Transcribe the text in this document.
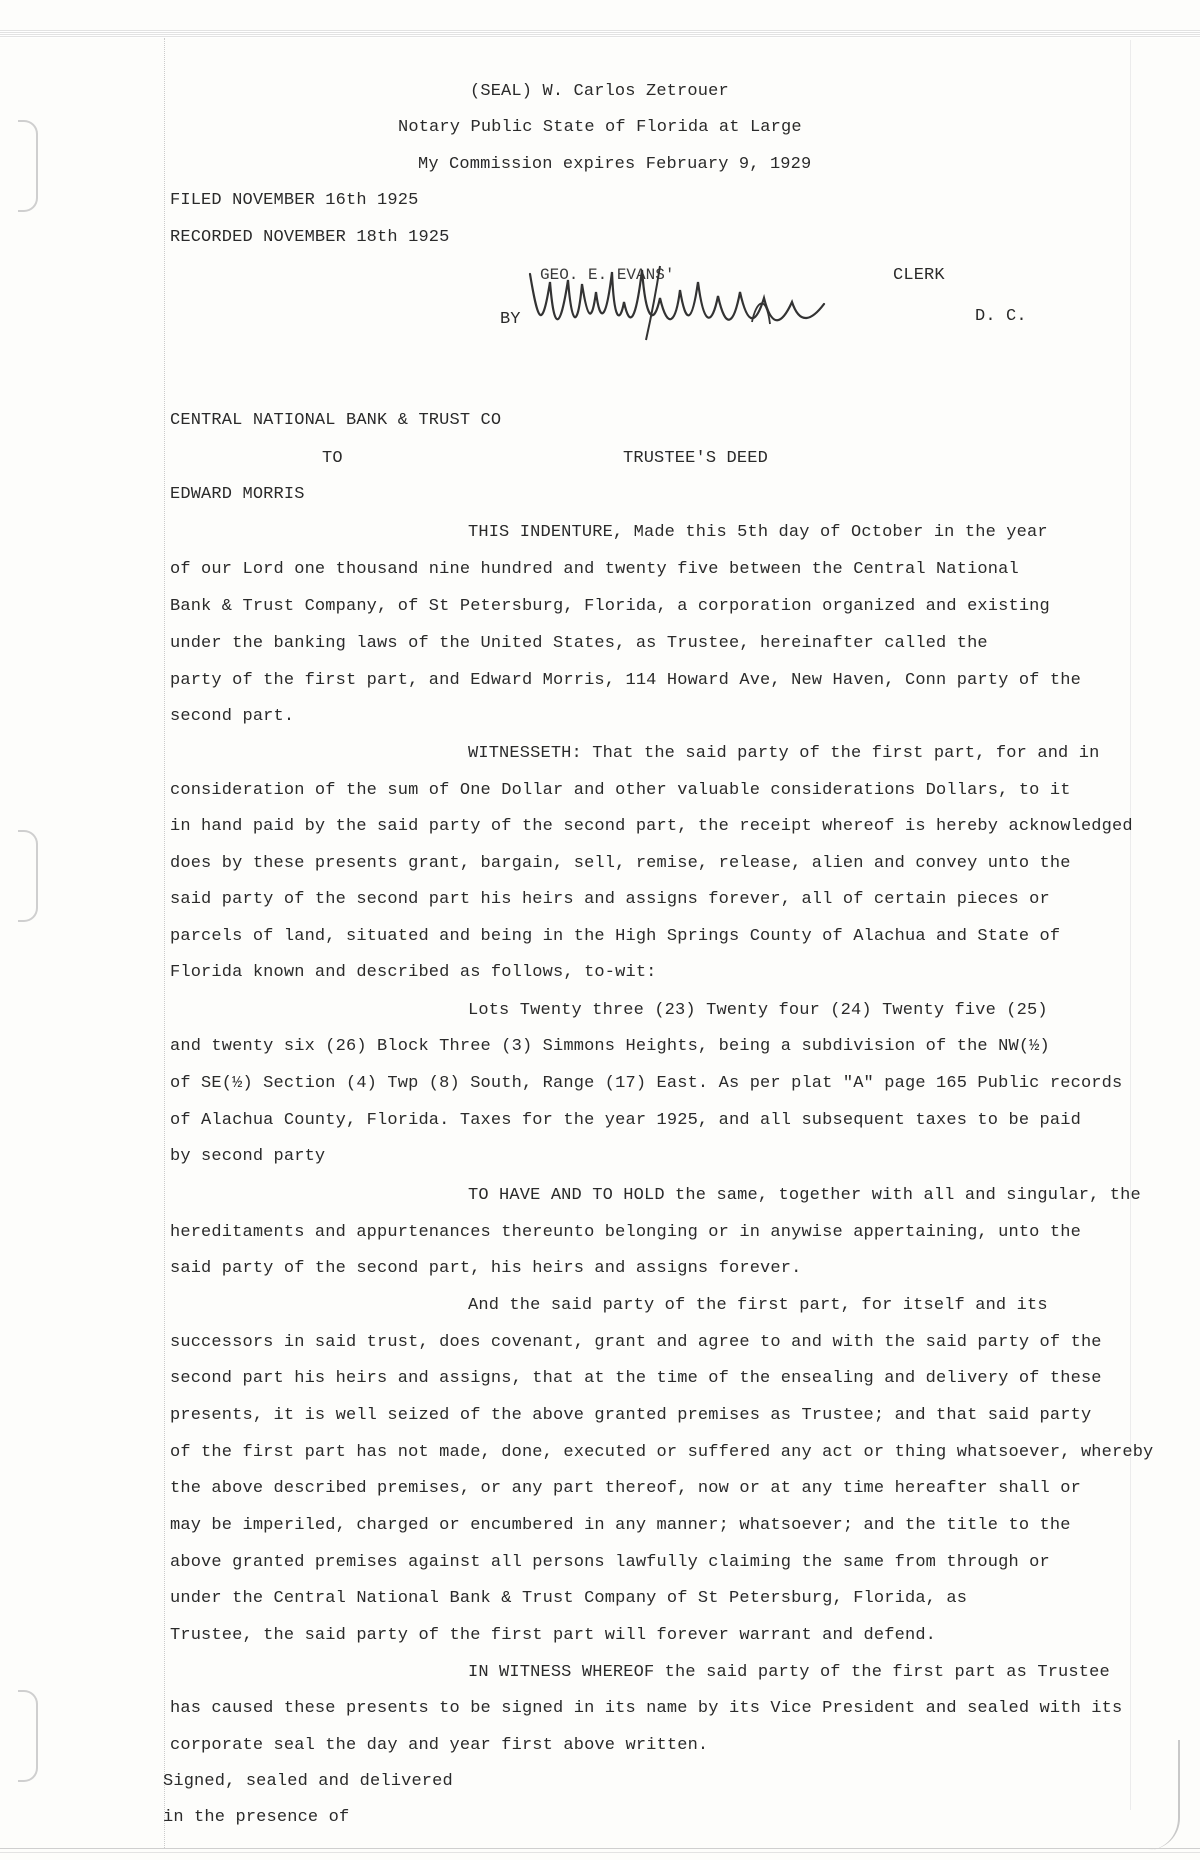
(SEAL) W. Carlos Zetrouer
Notary Public State of Florida at Large
My Commission expires February 9, 1929
FILED NOVEMBER 16th 1925
RECORDED NOVEMBER 18th 1925
GEO. E. EVANS'	CLERK
BY	D. C.
CENTRAL NATIONAL BANK & TRUST CO
TO	TRUSTEE'S DEED
EDWARD MORRIS
THIS INDENTURE, Made this 5th day of October in the year
of our Lord one thousand nine hundred and twenty five between the Central National
Bank & Trust Company, of St Petersburg, Florida, a corporation organized and existing
under the banking laws of the United States, as Trustee, hereinafter called the
party of the first part, and Edward Morris, 114 Howard Ave, New Haven, Conn party of the
second part.
WITNESSETH: That the said party of the first part, for and in
consideration of the sum of One Dollar and other valuable considerations Dollars, to it
in hand paid by the said party of the second part, the receipt whereof is hereby acknowledged
does by these presents grant, bargain, sell, remise, release, alien and convey unto the
said party of the second part his heirs and assigns forever, all of certain pieces or
parcels of land, situated and being in the High Springs County of Alachua and State of
Florida known and described as follows, to-wit:
Lots Twenty three (23) Twenty four (24) Twenty five (25)
and twenty six (26) Block Three (3) Simmons Heights, being a subdivision of the NW(½)
of SE(½) Section (4) Twp (8) South, Range (17) East. As per plat "A" page 165 Public records
of Alachua County, Florida. Taxes for the year 1925, and all subsequent taxes to be paid
by second party
TO HAVE AND TO HOLD the same, together with all and singular, the
hereditaments and appurtenances thereunto belonging or in anywise appertaining, unto the
said party of the second part, his heirs and assigns forever.
And the said party of the first part, for itself and its
successors in said trust, does covenant, grant and agree to and with the said party of the
second part his heirs and assigns, that at the time of the ensealing and delivery of these
presents, it is well seized of the above granted premises as Trustee; and that said party
of the first part has not made, done, executed or suffered any act or thing whatsoever, whereby
the above described premises, or any part thereof, now or at any time hereafter shall or
may be imperiled, charged or encumbered in any manner; whatsoever; and the title to the
above granted premises against all persons lawfully claiming the same from through or
under the Central National Bank & Trust Company of St Petersburg, Florida, as
Trustee, the said party of the first part will forever warrant and defend.
IN WITNESS WHEREOF the said party of the first part as Trustee
has caused these presents to be signed in its name by its Vice President and sealed with its
corporate seal the day and year first above written.
Signed, sealed and delivered
in the presence of
